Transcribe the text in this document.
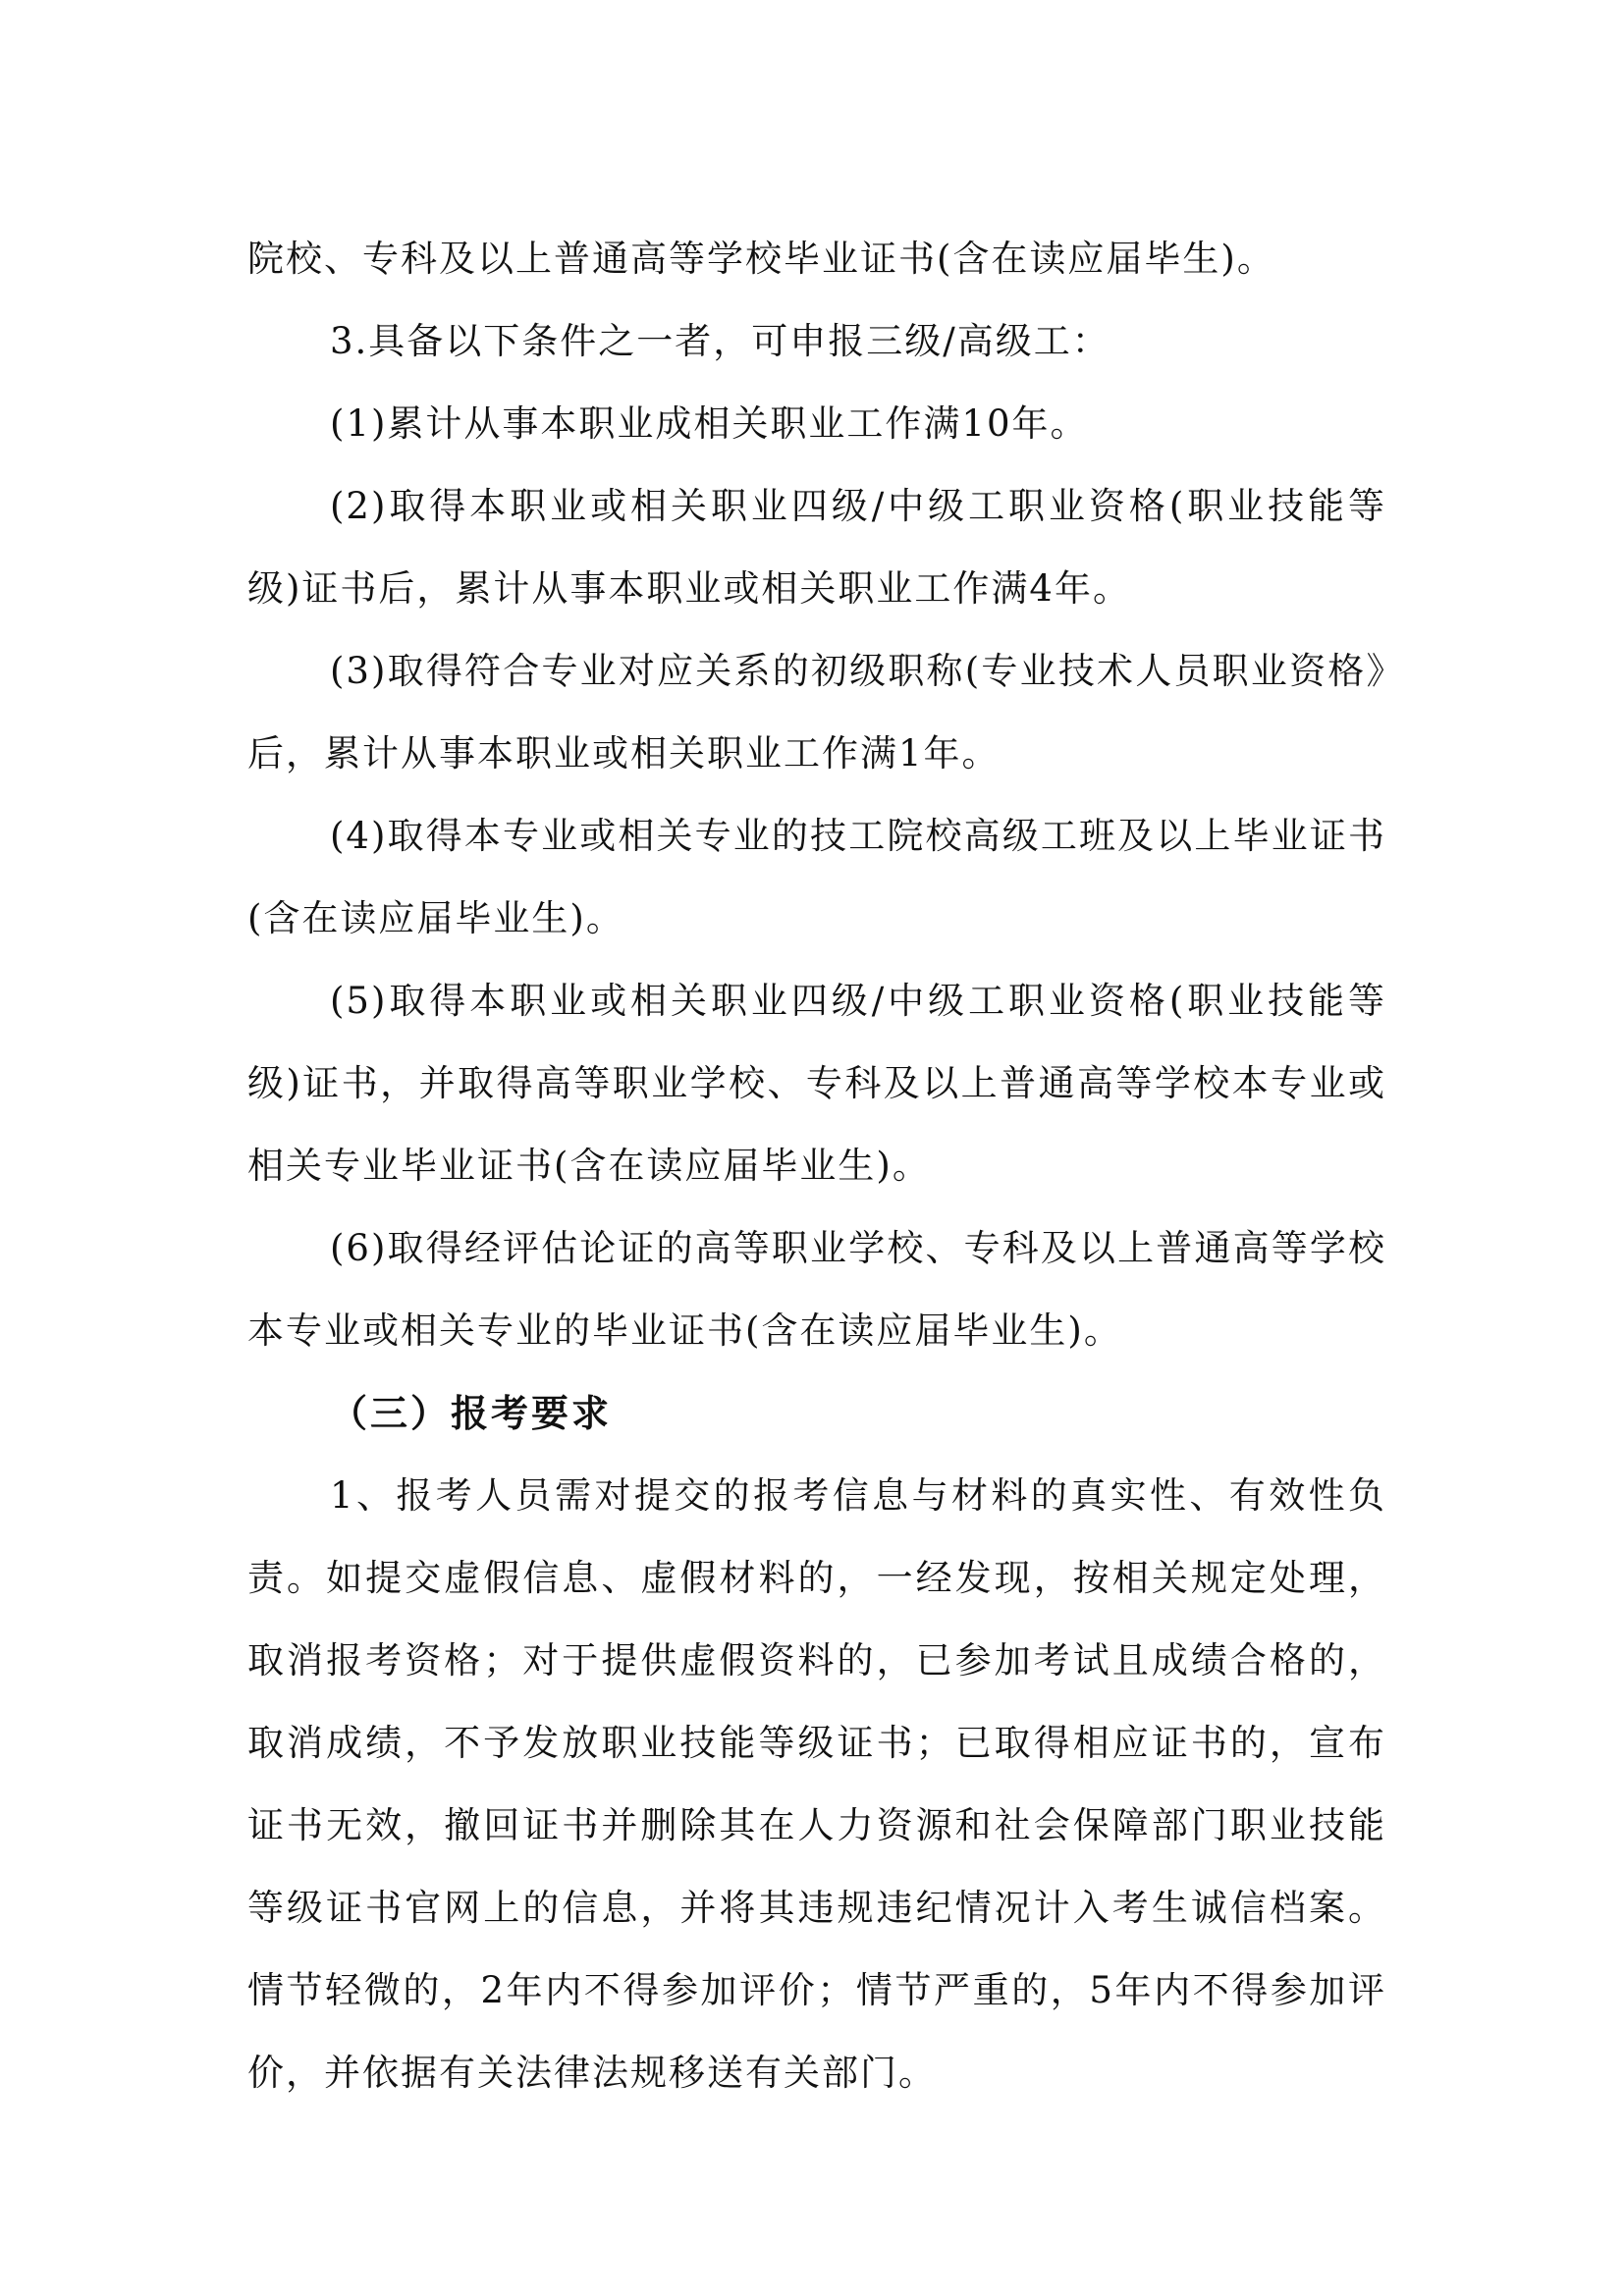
院校、专科及以上普通高等学校毕业证书(含在读应届毕生)。

3.具备以下条件之一者，可申报三级/高级工：

(1)累计从事本职业成相关职业工作满10年。

(2)取得本职业或相关职业四级/中级工职业资格(职业技能等级)证书后，累计从事本职业或相关职业工作满4年。

(3)取得符合专业对应关系的初级职称(专业技术人员职业资格》后，累计从事本职业或相关职业工作满1年。

(4)取得本专业或相关专业的技工院校高级工班及以上毕业证书(含在读应届毕业生)。

(5)取得本职业或相关职业四级/中级工职业资格(职业技能等级)证书，并取得高等职业学校、专科及以上普通高等学校本专业或相关专业毕业证书(含在读应届毕业生)。

(6)取得经评估论证的高等职业学校、专科及以上普通高等学校本专业或相关专业的毕业证书(含在读应届毕业生)。

（三）报考要求

1、报考人员需对提交的报考信息与材料的真实性、有效性负责。如提交虚假信息、虚假材料的，一经发现，按相关规定处理，取消报考资格；对于提供虚假资料的，已参加考试且成绩合格的，取消成绩，不予发放职业技能等级证书；已取得相应证书的，宣布证书无效，撤回证书并删除其在人力资源和社会保障部门职业技能等级证书官网上的信息，并将其违规违纪情况计入考生诚信档案。情节轻微的，2年内不得参加评价；情节严重的，5年内不得参加评价，并依据有关法律法规移送有关部门。
